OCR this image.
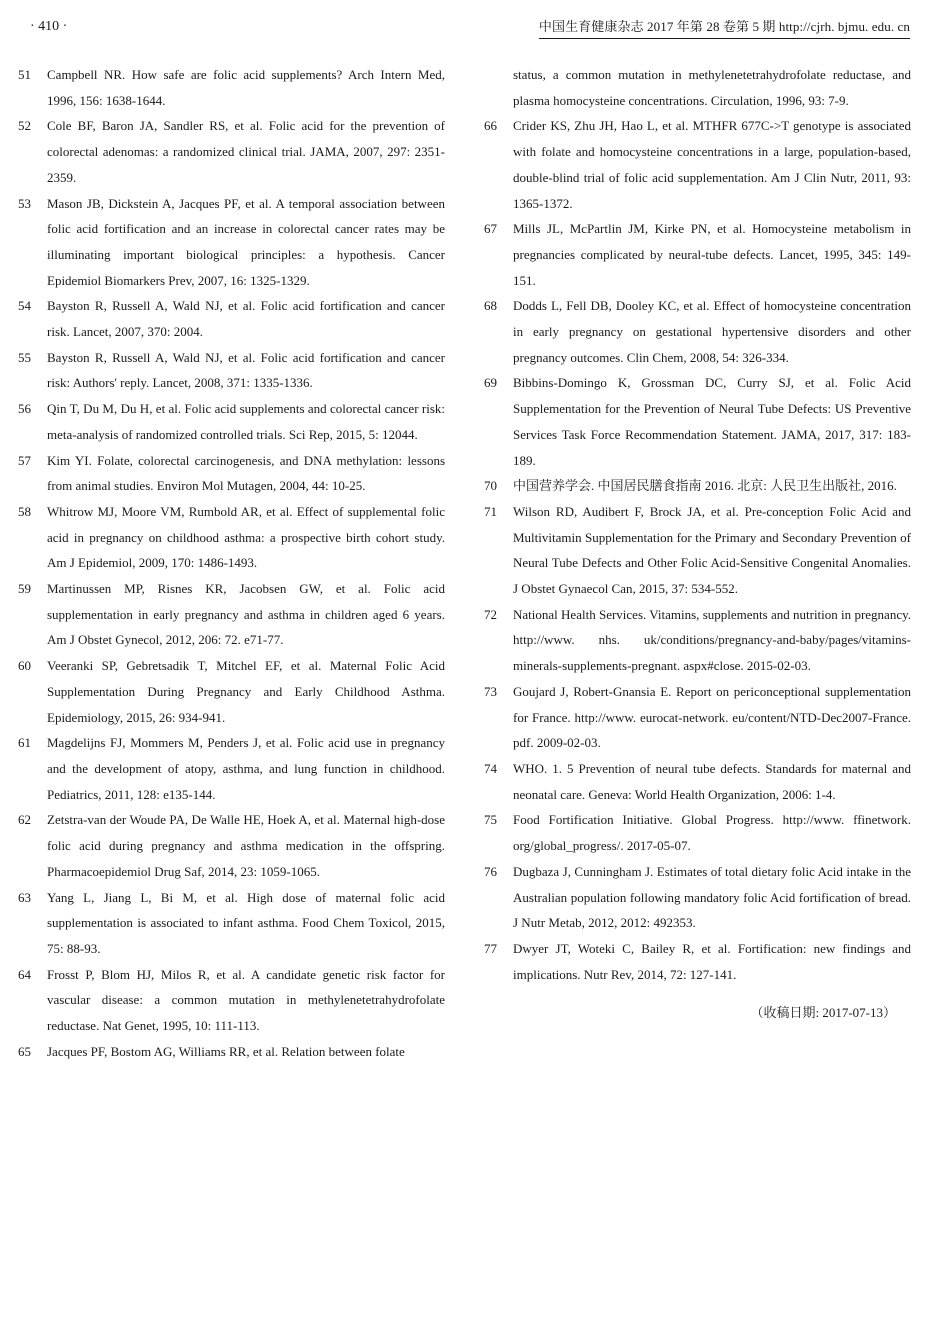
· 410 ·	中国生育健康杂志 2017 年第 28 卷第 5 期 http://cjrh. bjmu. edu. cn
51	Campbell NR. How safe are folic acid supplements? Arch Intern Med, 1996, 156: 1638-1644.
52	Cole BF, Baron JA, Sandler RS, et al. Folic acid for the prevention of colorectal adenomas: a randomized clinical trial. JAMA, 2007, 297: 2351-2359.
53	Mason JB, Dickstein A, Jacques PF, et al. A temporal association between folic acid fortification and an increase in colorectal cancer rates may be illuminating important biological principles: a hypothesis. Cancer Epidemiol Biomarkers Prev, 2007, 16: 1325-1329.
54	Bayston R, Russell A, Wald NJ, et al. Folic acid fortification and cancer risk. Lancet, 2007, 370: 2004.
55	Bayston R, Russell A, Wald NJ, et al. Folic acid fortification and cancer risk: Authors' reply. Lancet, 2008, 371: 1335-1336.
56	Qin T, Du M, Du H, et al. Folic acid supplements and colorectal cancer risk: meta-analysis of randomized controlled trials. Sci Rep, 2015, 5: 12044.
57	Kim YI. Folate, colorectal carcinogenesis, and DNA methylation: lessons from animal studies. Environ Mol Mutagen, 2004, 44: 10-25.
58	Whitrow MJ, Moore VM, Rumbold AR, et al. Effect of supplemental folic acid in pregnancy on childhood asthma: a prospective birth cohort study. Am J Epidemiol, 2009, 170: 1486-1493.
59	Martinussen MP, Risnes KR, Jacobsen GW, et al. Folic acid supplementation in early pregnancy and asthma in children aged 6 years. Am J Obstet Gynecol, 2012, 206: 72. e71-77.
60	Veeranki SP, Gebretsadik T, Mitchel EF, et al. Maternal Folic Acid Supplementation During Pregnancy and Early Childhood Asthma. Epidemiology, 2015, 26: 934-941.
61	Magdelijns FJ, Mommers M, Penders J, et al. Folic acid use in pregnancy and the development of atopy, asthma, and lung function in childhood. Pediatrics, 2011, 128: e135-144.
62	Zetstra-van der Woude PA, De Walle HE, Hoek A, et al. Maternal high-dose folic acid during pregnancy and asthma medication in the offspring. Pharmacoepidemiol Drug Saf, 2014, 23: 1059-1065.
63	Yang L, Jiang L, Bi M, et al. High dose of maternal folic acid supplementation is associated to infant asthma. Food Chem Toxicol, 2015, 75: 88-93.
64	Frosst P, Blom HJ, Milos R, et al. A candidate genetic risk factor for vascular disease: a common mutation in methylenetetrahydrofolate reductase. Nat Genet, 1995, 10: 111-113.
65	Jacques PF, Bostom AG, Williams RR, et al. Relation between folate
status, a common mutation in methylenetetrahydrofolate reductase, and plasma homocysteine concentrations. Circulation, 1996, 93: 7-9.
66	Crider KS, Zhu JH, Hao L, et al. MTHFR 677C->T genotype is associated with folate and homocysteine concentrations in a large, population-based, double-blind trial of folic acid supplementation. Am J Clin Nutr, 2011, 93: 1365-1372.
67	Mills JL, McPartlin JM, Kirke PN, et al. Homocysteine metabolism in pregnancies complicated by neural-tube defects. Lancet, 1995, 345: 149-151.
68	Dodds L, Fell DB, Dooley KC, et al. Effect of homocysteine concentration in early pregnancy on gestational hypertensive disorders and other pregnancy outcomes. Clin Chem, 2008, 54: 326-334.
69	Bibbins-Domingo K, Grossman DC, Curry SJ, et al. Folic Acid Supplementation for the Prevention of Neural Tube Defects: US Preventive Services Task Force Recommendation Statement. JAMA, 2017, 317: 183-189.
70	中国营养学会. 中国居民膳食指南 2016. 北京: 人民卫生出版社, 2016.
71	Wilson RD, Audibert F, Brock JA, et al. Pre-conception Folic Acid and Multivitamin Supplementation for the Primary and Secondary Prevention of Neural Tube Defects and Other Folic Acid-Sensitive Congenital Anomalies. J Obstet Gynaecol Can, 2015, 37: 534-552.
72	National Health Services. Vitamins, supplements and nutrition in pregnancy. http://www. nhs. uk/conditions/pregnancy-and-baby/pages/vitamins-minerals-supplements-pregnant. aspx#close. 2015-02-03.
73	Goujard J, Robert-Gnansia E. Report on periconceptional supplementation for France. http://www. eurocat-network. eu/content/NTD-Dec2007-France. pdf. 2009-02-03.
74	WHO. 1. 5 Prevention of neural tube defects. Standards for maternal and neonatal care. Geneva: World Health Organization, 2006: 1-4.
75	Food Fortification Initiative. Global Progress. http://www. ffinetwork. org/global_progress/. 2017-05-07.
76	Dugbaza J, Cunningham J. Estimates of total dietary folic Acid intake in the Australian population following mandatory folic Acid fortification of bread. J Nutr Metab, 2012, 2012: 492353.
77	Dwyer JT, Woteki C, Bailey R, et al. Fortification: new findings and implications. Nutr Rev, 2014, 72: 127-141.
（收稿日期: 2017-07-13）
